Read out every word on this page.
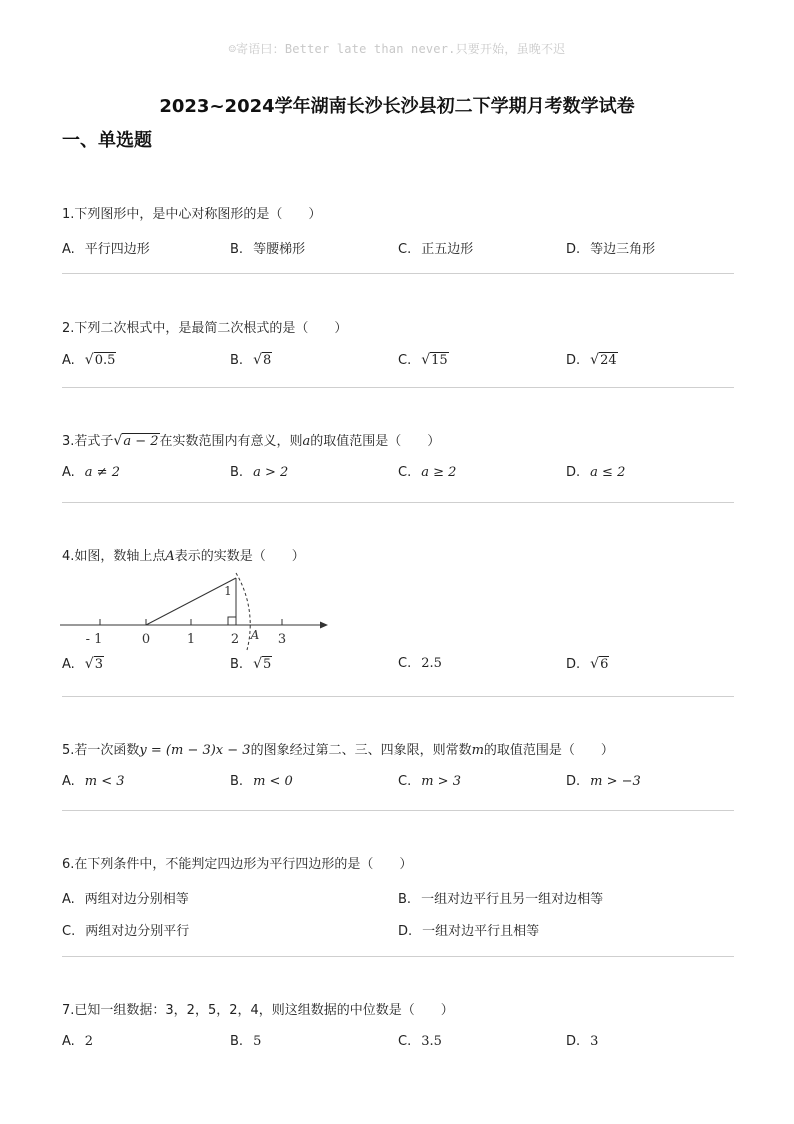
☺寄语曰：Better late than never.只要开始，虽晚不迟
2023~2024学年湖南长沙长沙县初二下学期月考数学试卷
一、单选题
1.下列图形中，是中心对称图形的是（　　）
A. 平行四边形	B. 等腰梯形	C. 正五边形	D. 等边三角形
2.下列二次根式中，是最简二次根式的是（　　）
A. √0.5	B. √8	C. √15	D. √24
3.若式子√a − 2在实数范围内有意义，则a的取值范围是（　　）
A. a ≠ 2	B. a > 2	C. a ≥ 2	D. a ≤ 2
4.如图，数轴上点A表示的实数是（　　）
- 1	0	1	2	3
1
A
A. √3	B. √5	C. 2.5	D. √6
5.若一次函数y = (m − 3)x − 3的图象经过第二、三、四象限，则常数m的取值范围是（　　）
A. m < 3	B. m < 0	C. m > 3	D. m > −3
6.在下列条件中，不能判定四边形为平行四边形的是（　　）
A. 两组对边分别相等	B. 一组对边平行且另一组对边相等
C. 两组对边分别平行	D. 一组对边平行且相等
7.已知一组数据：3，2，5，2，4，则这组数据的中位数是（　　）
A. 2	B. 5	C. 3.5	D. 3
